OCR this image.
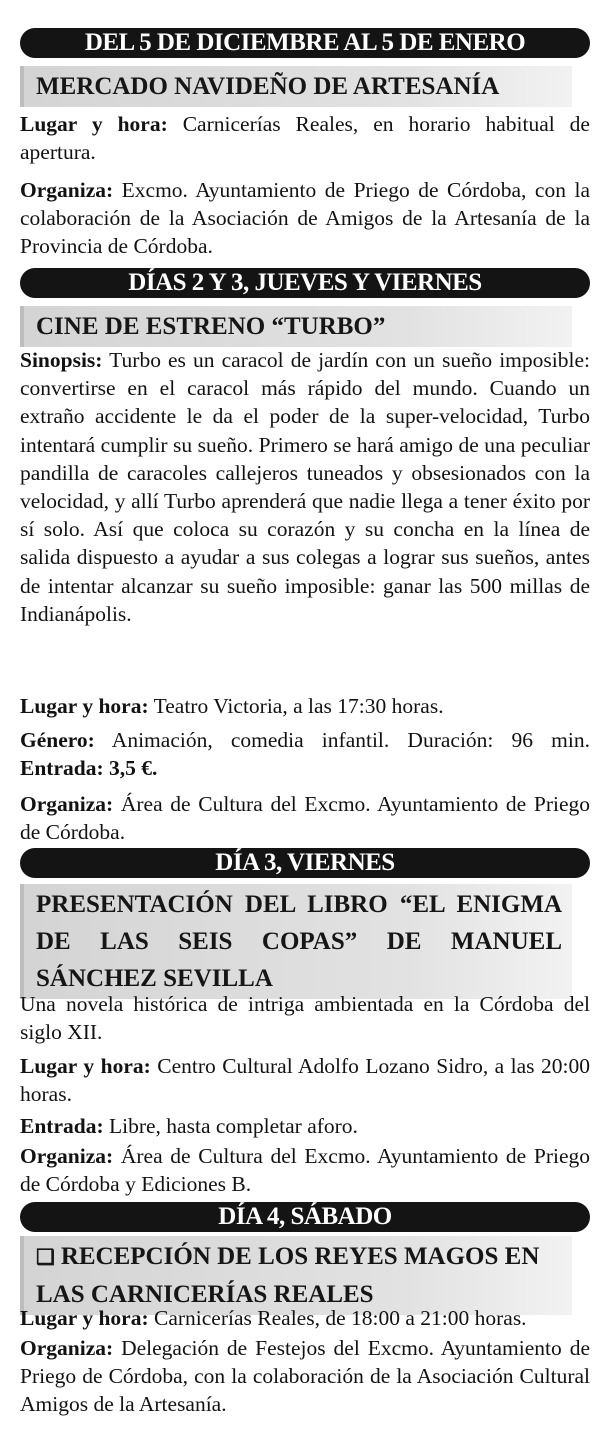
DEL 5 DE DICIEMBRE AL 5 DE ENERO
MERCADO NAVIDEÑO DE ARTESANÍA

Lugar y hora: Carnicerías Reales, en horario habitual de apertura.

Organiza: Excmo. Ayuntamiento de Priego de Córdoba, con la colaboración de la Asociación de Amigos de la Artesanía de la Provincia de Córdoba.

DÍAS 2 Y 3, JUEVES Y VIERNES
CINE DE ESTRENO “TURBO”

Sinopsis: Turbo es un caracol de jardín con un sueño imposible: convertirse en el caracol más rápido del mundo. Cuando un extraño accidente le da el poder de la super-velocidad, Turbo intentará cumplir su sueño. Primero se hará amigo de una peculiar pandilla de caracoles callejeros tuneados y obsesionados con la velocidad, y allí Turbo aprenderá que nadie llega a tener éxito por sí solo. Así que coloca su corazón y su concha en la línea de salida dispuesto a ayudar a sus colegas a lograr sus sueños, antes de intentar alcanzar su sueño imposible: ganar las 500 millas de Indianápolis.

Lugar y hora: Teatro Victoria, a las 17:30 horas.

Género: Animación, comedia infantil. Duración: 96 min. Entrada: 3,5 €.

Organiza: Área de Cultura del Excmo. Ayuntamiento de Priego de Córdoba.

DÍA 3, VIERNES
PRESENTACIÓN DEL LIBRO “EL ENIGMA DE LAS SEIS COPAS” DE MANUEL SÁNCHEZ SEVILLA

Una novela histórica de intriga ambientada en la Córdoba del siglo XII.

Lugar y hora: Centro Cultural Adolfo Lozano Sidro, a las 20:00 horas.

Entrada: Libre, hasta completar aforo.

Organiza: Área de Cultura del Excmo. Ayuntamiento de Priego de Córdoba y Ediciones B.

DÍA 4, SÁBADO
❑ RECEPCIÓN DE LOS REYES MAGOS EN LAS CARNICERÍAS REALES

Lugar y hora: Carnicerías Reales, de 18:00 a 21:00 horas.

Organiza: Delegación de Festejos del Excmo. Ayuntamiento de Priego de Córdoba, con la colaboración de la Asociación Cultural Amigos de la Artesanía.
